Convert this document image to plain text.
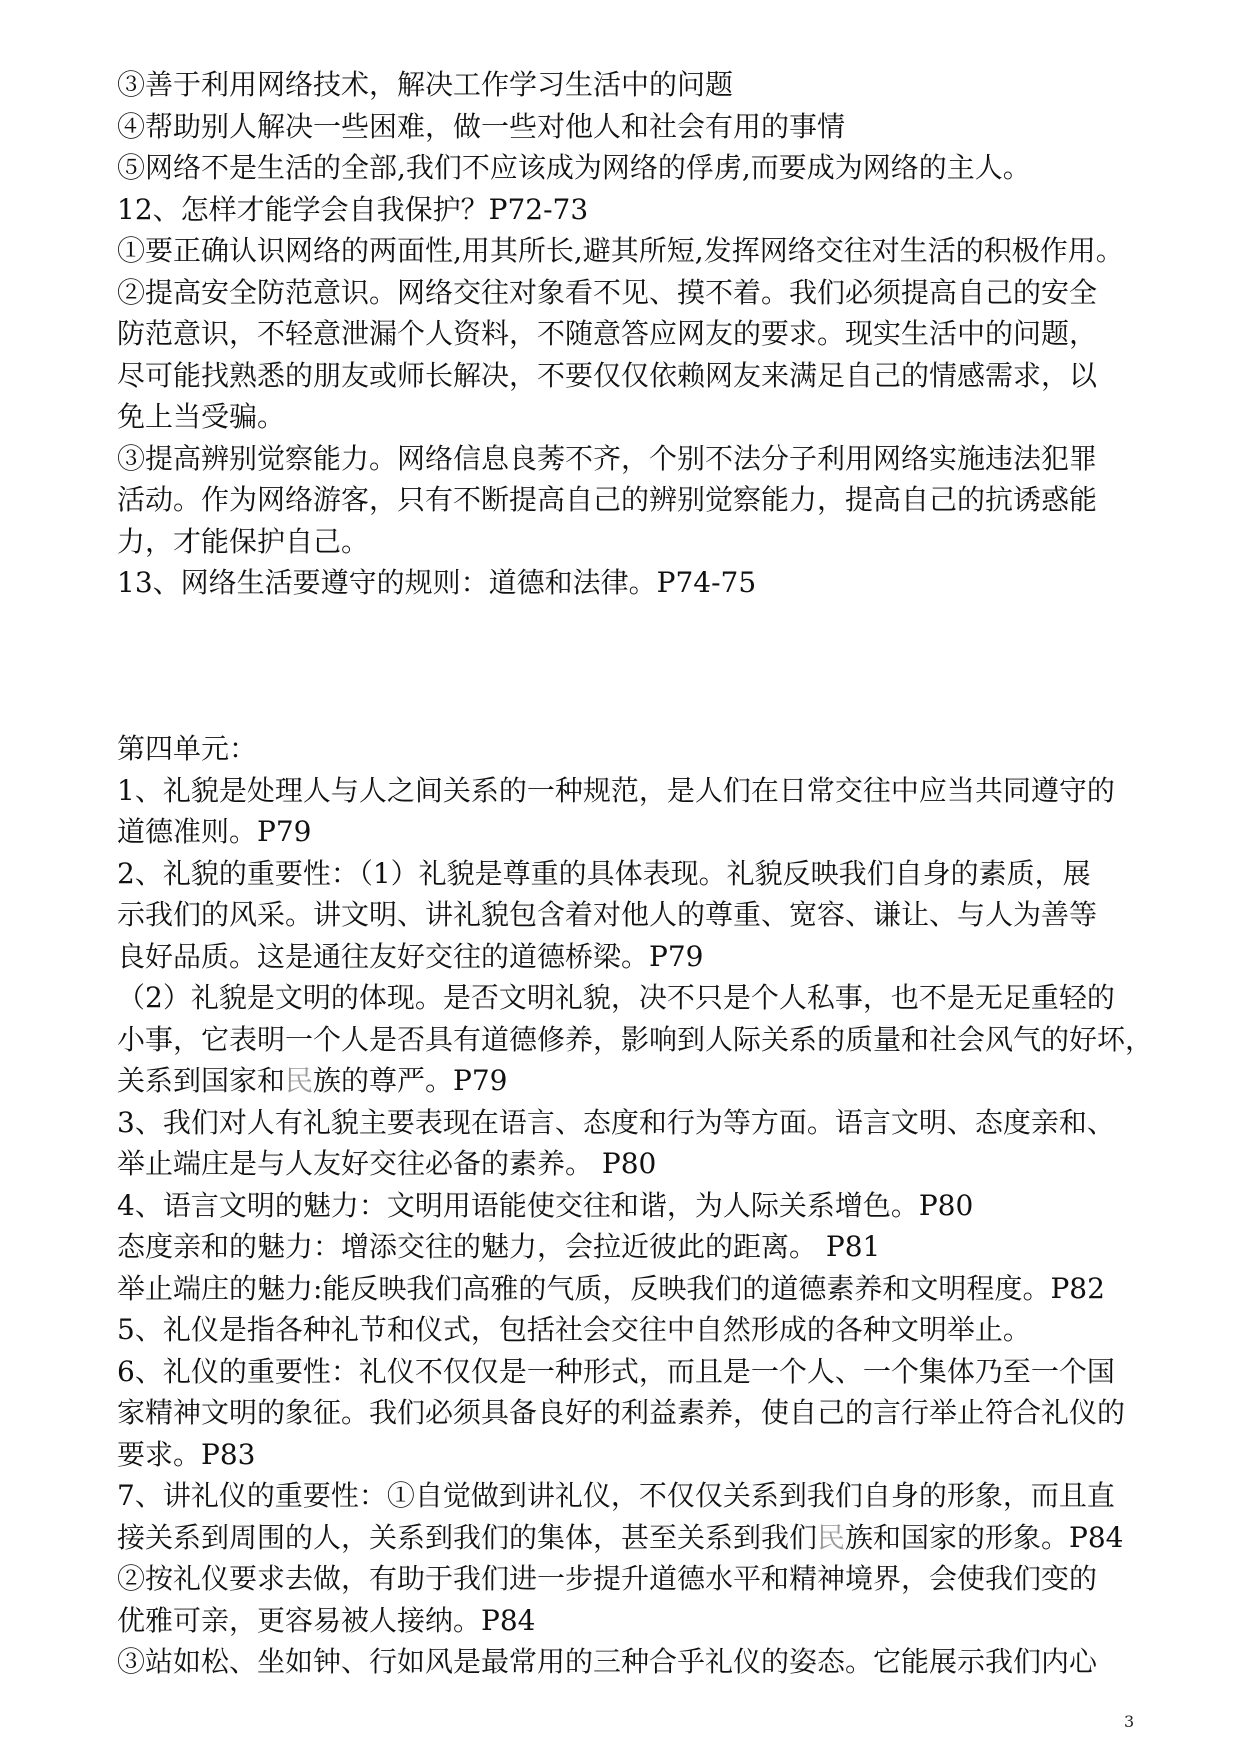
③善于利用网络技术，解决工作学习生活中的问题
④帮助别人解决一些困难，做一些对他人和社会有用的事情
⑤网络不是生活的全部,我们不应该成为网络的俘虏,而要成为网络的主人。
12、怎样才能学会自我保护？P72-73
①要正确认识网络的两面性,用其所长,避其所短,发挥网络交往对生活的积极作用。
②提高安全防范意识。网络交往对象看不见、摸不着。我们必须提高自己的安全
防范意识，不轻意泄漏个人资料，不随意答应网友的要求。现实生活中的问题，
尽可能找熟悉的朋友或师长解决，不要仅仅依赖网友来满足自己的情感需求，以
免上当受骗。
③提高辨别觉察能力。网络信息良莠不齐，个别不法分子利用网络实施违法犯罪
活动。作为网络游客，只有不断提高自己的辨别觉察能力，提高自己的抗诱惑能
力，才能保护自己。
13、网络生活要遵守的规则：道德和法律。P74-75
第四单元：
1、礼貌是处理人与人之间关系的一种规范，是人们在日常交往中应当共同遵守的
道德准则。P79
2、礼貌的重要性：（1）礼貌是尊重的具体表现。礼貌反映我们自身的素质，展
示我们的风采。讲文明、讲礼貌包含着对他人的尊重、宽容、谦让、与人为善等
良好品质。这是通往友好交往的道德桥梁。P79
（2）礼貌是文明的体现。是否文明礼貌，决不只是个人私事，也不是无足重轻的
小事，它表明一个人是否具有道德修养，影响到人际关系的质量和社会风气的好坏，
关系到国家和民族的尊严。P79
3、我们对人有礼貌主要表现在语言、态度和行为等方面。语言文明、态度亲和、
举止端庄是与人友好交往必备的素养。 P80
4、语言文明的魅力：文明用语能使交往和谐，为人际关系增色。P80
态度亲和的魅力：增添交往的魅力，会拉近彼此的距离。 P81
举止端庄的魅力:能反映我们高雅的气质，反映我们的道德素养和文明程度。P82
5、礼仪是指各种礼节和仪式，包括社会交往中自然形成的各种文明举止。
6、礼仪的重要性：礼仪不仅仅是一种形式，而且是一个人、一个集体乃至一个国
家精神文明的象征。我们必须具备良好的利益素养，使自己的言行举止符合礼仪的
要求。P83
7、讲礼仪的重要性：①自觉做到讲礼仪，不仅仅关系到我们自身的形象，而且直
接关系到周围的人，关系到我们的集体，甚至关系到我们民族和国家的形象。P84
②按礼仪要求去做，有助于我们进一步提升道德水平和精神境界，会使我们变的
优雅可亲，更容易被人接纳。P84
③站如松、坐如钟、行如风是最常用的三种合乎礼仪的姿态。它能展示我们内心
3
